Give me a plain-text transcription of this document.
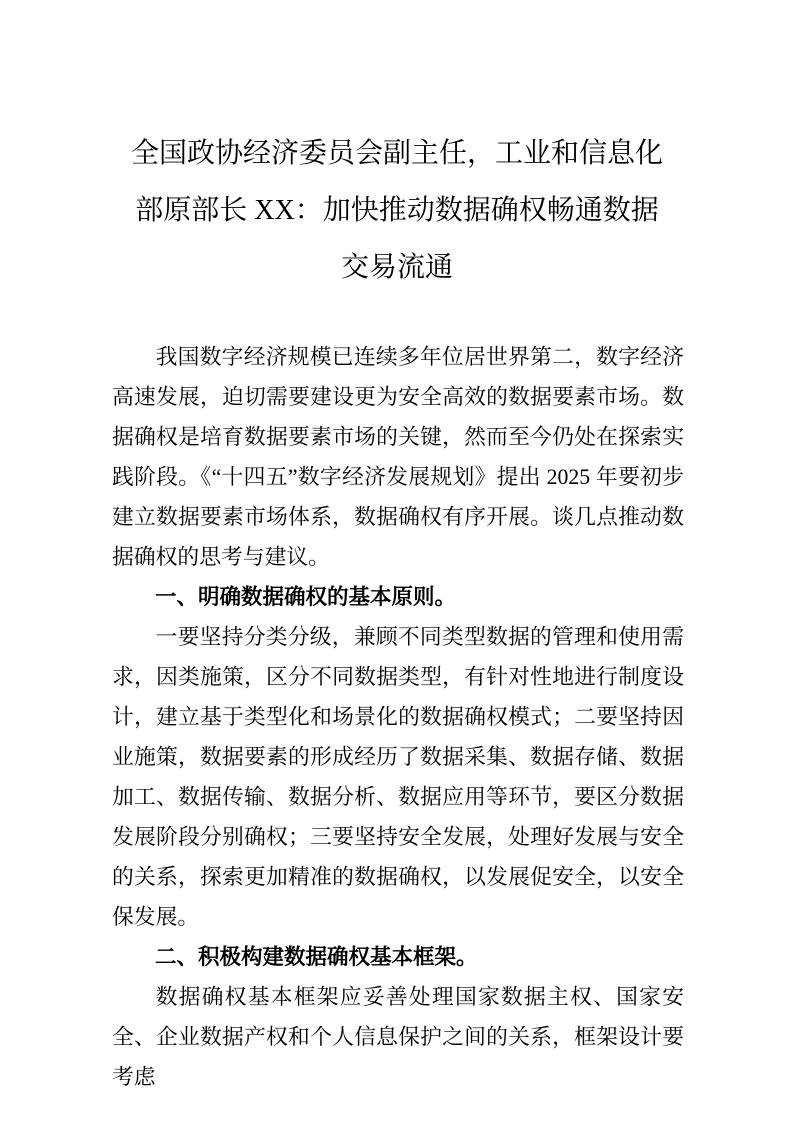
全国政协经济委员会副主任，工业和信息化部原部长 XX：加快推动数据确权畅通数据交易流通

我国数字经济规模已连续多年位居世界第二，数字经济高速发展，迫切需要建设更为安全高效的数据要素市场。数据确权是培育数据要素市场的关键，然而至今仍处在探索实践阶段。《“十四五”数字经济发展规划》提出 2025 年要初步建立数据要素市场体系，数据确权有序开展。谈几点推动数据确权的思考与建议。

一、明确数据确权的基本原则。

一要坚持分类分级，兼顾不同类型数据的管理和使用需求，因类施策，区分不同数据类型，有针对性地进行制度设计，建立基于类型化和场景化的数据确权模式；二要坚持因业施策，数据要素的形成经历了数据采集、数据存储、数据加工、数据传输、数据分析、数据应用等环节，要区分数据发展阶段分别确权；三要坚持安全发展，处理好发展与安全的关系，探索更加精准的数据确权，以发展促安全，以安全保发展。

二、积极构建数据确权基本框架。

数据确权基本框架应妥善处理国家数据主权、国家安全、企业数据产权和个人信息保护之间的关系，框架设计要考虑
